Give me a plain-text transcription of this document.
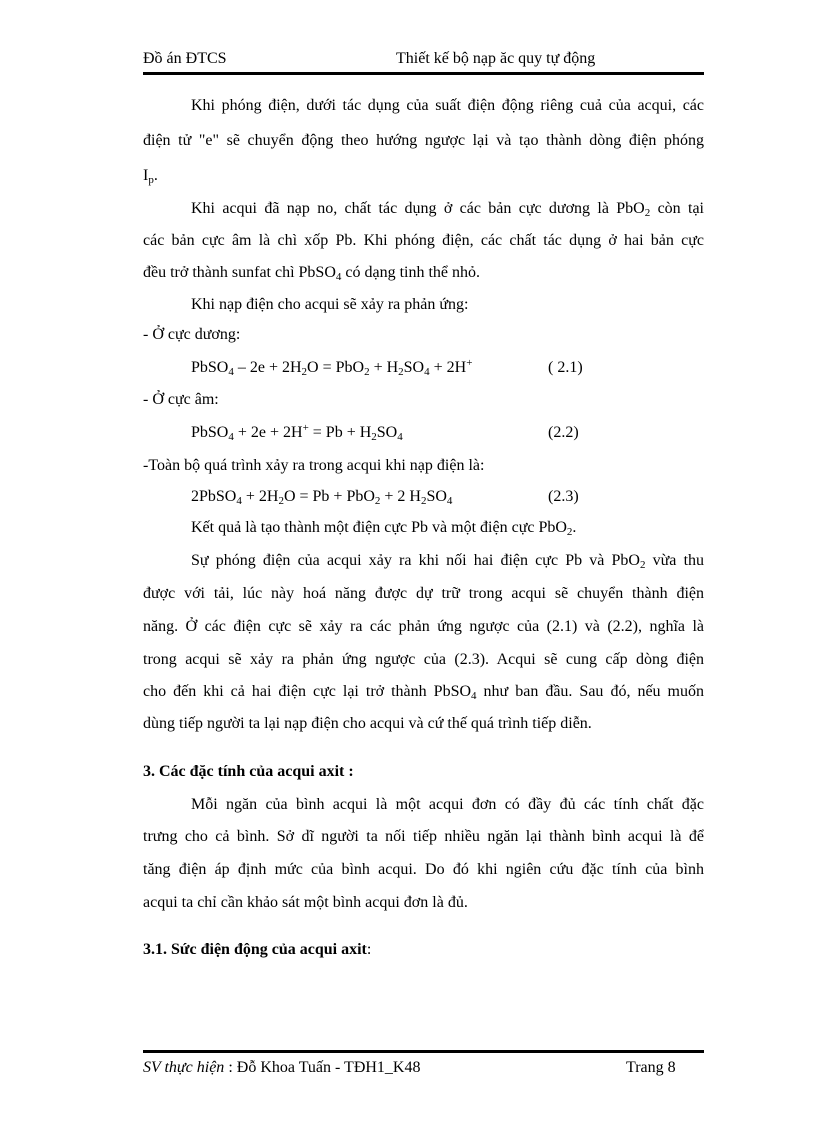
Đồ án ĐTCS	Thiết kế bộ nạp ăc quy tự động
Khi phóng điện, dưới tác dụng của suất điện động riêng cuả của acqui, các
điện tử "e" sẽ chuyển động theo hướng ngược lại và tạo thành dòng điện phóng
$I_p$.
Khi acqui đã nạp no, chất tác dụng ở các bản cực dương là PbO$_2$ còn tại
các bản cực âm là chì xốp Pb. Khi phóng điện, các chất tác dụng ở hai bản cực
đều trở thành sunfat chì PbSO$_4$ có dạng tinh thể nhỏ.
Khi nạp điện cho acqui sẽ xảy ra phản ứng:
- Ở cực dương:
PbSO$_4$ – $2e + 2H_2O = PbO_2 + H_2SO_4 + 2H^+$	( 2.1)
- Ở cực âm:
PbSO$_4$ + $2e + 2H^+ = Pb + H_2SO_4$	(2.2)
-Toàn bộ quá trình xảy ra trong acqui khi nạp điện là:
2PbSO$_4$ + $2H_2O = Pb + PbO_2 + 2$ $H_2SO_4$	(2.3)
Kết quả là tạo thành một điện cực Pb và một điện cực PbO$_2$.
Sự phóng điện của acqui xảy ra khi nối hai điện cực Pb và PbO$_2$ vừa thu
được với tải, lúc này hoá năng được dự trữ trong acqui sẽ chuyển thành điện
năng. Ở các điện cực sẽ xảy ra các phản ứng ngược của (2.1) và (2.2), nghĩa là
trong acqui sẽ xảy ra phản ứng ngược của (2.3). Acqui sẽ cung cấp dòng điện
cho đến khi cả hai điện cực lại trở thành PbSO$_4$ như ban đầu. Sau đó, nếu muốn
dùng tiếp người ta lại nạp điện cho acqui và cứ thế quá trình tiếp diễn.
3. Các đặc tính của acqui axit :
Mỗi ngăn của bình acqui là một acqui đơn có đầy đủ các tính chất đặc
trưng cho cả bình. Sở dĩ người ta nối tiếp nhiều ngăn lại thành bình acqui là để
tăng điện áp định mức của bình acqui. Do đó khi ngiên cứu đặc tính của bình
acqui ta chỉ cần khảo sát một bình acqui đơn là đủ.
3.1. Sức điện động của acqui axit:
SV thực hiện : Đỗ Khoa Tuấn - TĐH1_K48	Trang 8
